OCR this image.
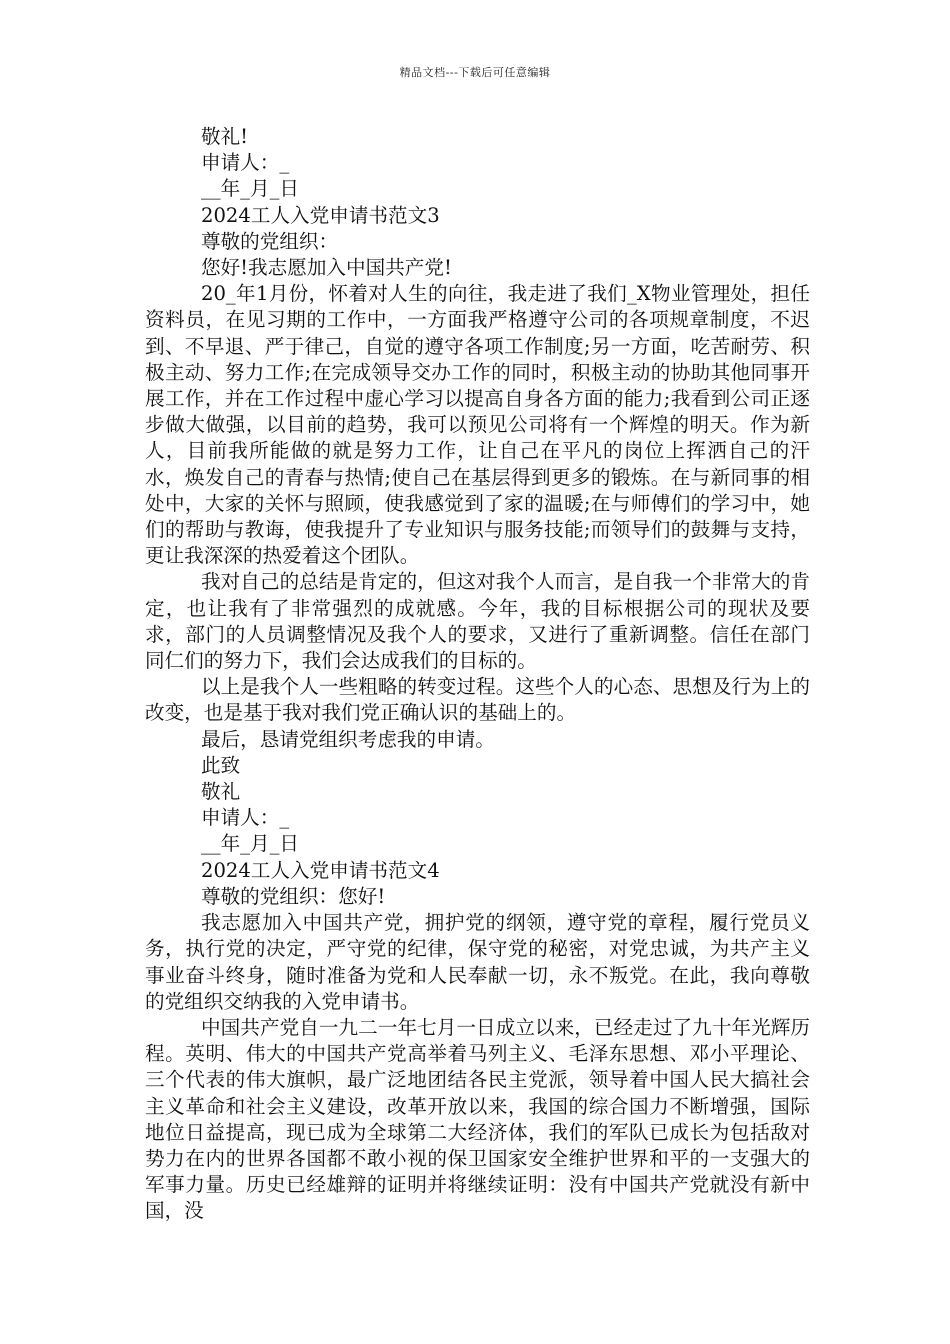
精品文档---下载后可任意编辑

敬礼!

申请人：_

__年_月_日

2024工人入党申请书范文3

尊敬的党组织：

您好!我志愿加入中国共产党!

20_年1月份，怀着对人生的向往，我走进了我们_X物业管理处，担任资料员，在见习期的工作中，一方面我严格遵守公司的各项规章制度，不迟到、不早退、严于律己，自觉的遵守各项工作制度;另一方面，吃苦耐劳、积极主动、努力工作;在完成领导交办工作的同时，积极主动的协助其他同事开展工作，并在工作过程中虚心学习以提高自身各方面的能力;我看到公司正逐步做大做强，以目前的趋势，我可以预见公司将有一个辉煌的明天。作为新人，目前我所能做的就是努力工作，让自己在平凡的岗位上挥洒自己的汗水，焕发自己的青春与热情;使自己在基层得到更多的锻炼。在与新同事的相处中，大家的关怀与照顾，使我感觉到了家的温暖;在与师傅们的学习中，她们的帮助与教诲，使我提升了专业知识与服务技能;而领导们的鼓舞与支持，更让我深深的热爱着这个团队。

我对自己的总结是肯定的，但这对我个人而言，是自我一个非常大的肯定，也让我有了非常强烈的成就感。今年，我的目标根据公司的现状及要求，部门的人员调整情况及我个人的要求，又进行了重新调整。信任在部门同仁们的努力下，我们会达成我们的目标的。

以上是我个人一些粗略的转变过程。这些个人的心态、思想及行为上的改变，也是基于我对我们党正确认识的基础上的。

最后，恳请党组织考虑我的申请。

此致

敬礼

申请人：_

__年_月_日

2024工人入党申请书范文4

尊敬的党组织：您好!

我志愿加入中国共产党，拥护党的纲领，遵守党的章程，履行党员义务，执行党的决定，严守党的纪律，保守党的秘密，对党忠诚，为共产主义事业奋斗终身，随时准备为党和人民奉献一切，永不叛党。在此，我向尊敬的党组织交纳我的入党申请书。

中国共产党自一九二一年七月一日成立以来，已经走过了九十年光辉历程。英明、伟大的中国共产党高举着马列主义、毛泽东思想、邓小平理论、三个代表的伟大旗帜，最广泛地团结各民主党派，领导着中国人民大搞社会主义革命和社会主义建设，改革开放以来，我国的综合国力不断增强，国际地位日益提高，现已成为全球第二大经济体，我们的军队已成长为包括敌对势力在内的世界各国都不敢小视的保卫国家安全维护世界和平的一支强大的军事力量。历史已经雄辩的证明并将继续证明：没有中国共产党就没有新中国，没
